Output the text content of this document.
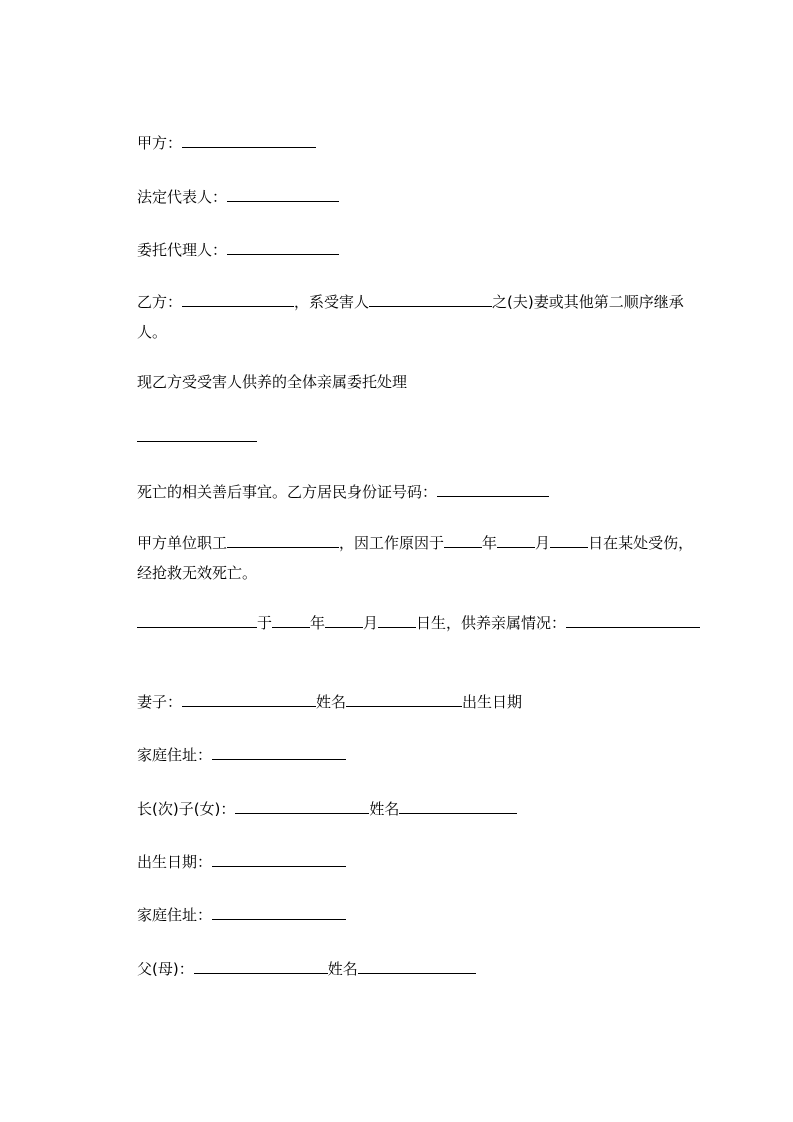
甲方：
法定代表人：
委托代理人：
乙方：	，系受害人	之(夫)妻或其他第二顺序继承人。
现乙方受受害人供养的全体亲属委托处理
死亡的相关善后事宜。乙方居民身份证号码：
甲方单位职工	，因工作原因于	年	月	日在某处受伤，经抢救无效死亡。
于	年	月	日生，供养亲属情况：
妻子：	姓名	出生日期
家庭住址：
长(次)子(女)：	姓名
出生日期：
家庭住址：
父(母)：	姓名
